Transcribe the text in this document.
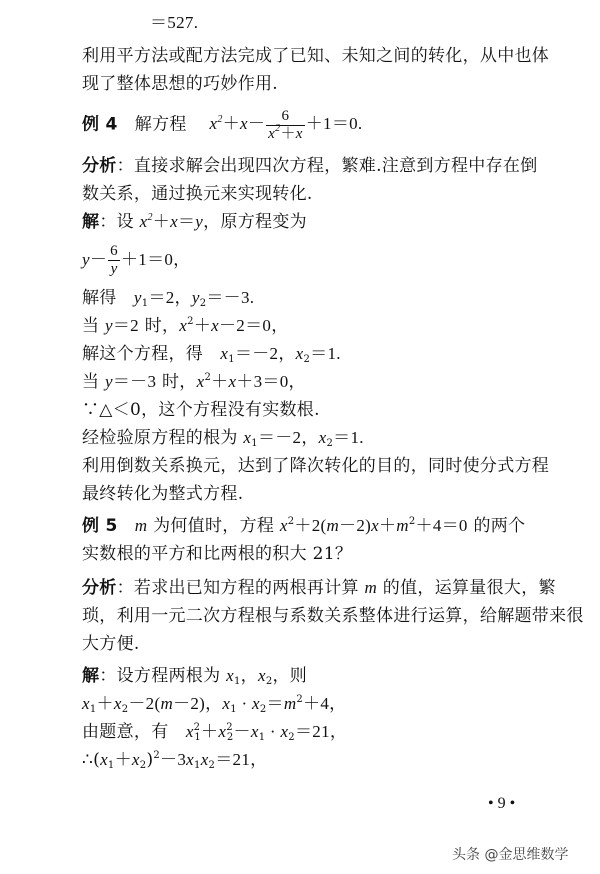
＝527.
利用平方法或配方法完成了已知、未知之间的转化，从中也体
现了整体思想的巧妙作用.
例 4 解方程 $x^2+x- \frac{6}{x^2+x} +1=0$.
分析：直接求解会出现四次方程，繁难.注意到方程中存在倒
数关系，通过换元来实现转化.
解：设 $x^2+x=y$，原方程变为
$y- \frac{6}{y} +1=0$，
解得　$y_1=2$，$y_2=-3$.
当 y＝2 时，$x^2+x-2=0$，
解这个方程，得　$x_1=-2$，$x_2=1$.
当 y＝－3 时，$x^2+x+3=0$，
∵△＜0，这个方程没有实数根.
经检验原方程的根为 $x_1=-2$，$x_2=1$.
利用倒数关系换元，达到了降次转化的目的，同时使分式方程
最终转化为整式方程.
例 5 m 为何值时，方程 $x^2+2(m-2)x+m^2+4=0$ 的两个
实数根的平方和比两根的积大 21？
分析：若求出已知方程的两根再计算 m 的值，运算量很大，繁
琐，利用一元二次方程根与系数关系整体进行运算，给解题带来很
大方便.
解：设方程两根为 $x_1$，$x_2$，则
$x_1+x_2-2(m-2)$，$x_1 \cdot x_2=m^2+4$，
由题意，有　$x^2_1+x^2_2-x_1 \cdot x_2=21$，
$\therefore(x_1+x_2)^2-3x_1x_2=21$，
• 9 •
头条 @金思维数学
